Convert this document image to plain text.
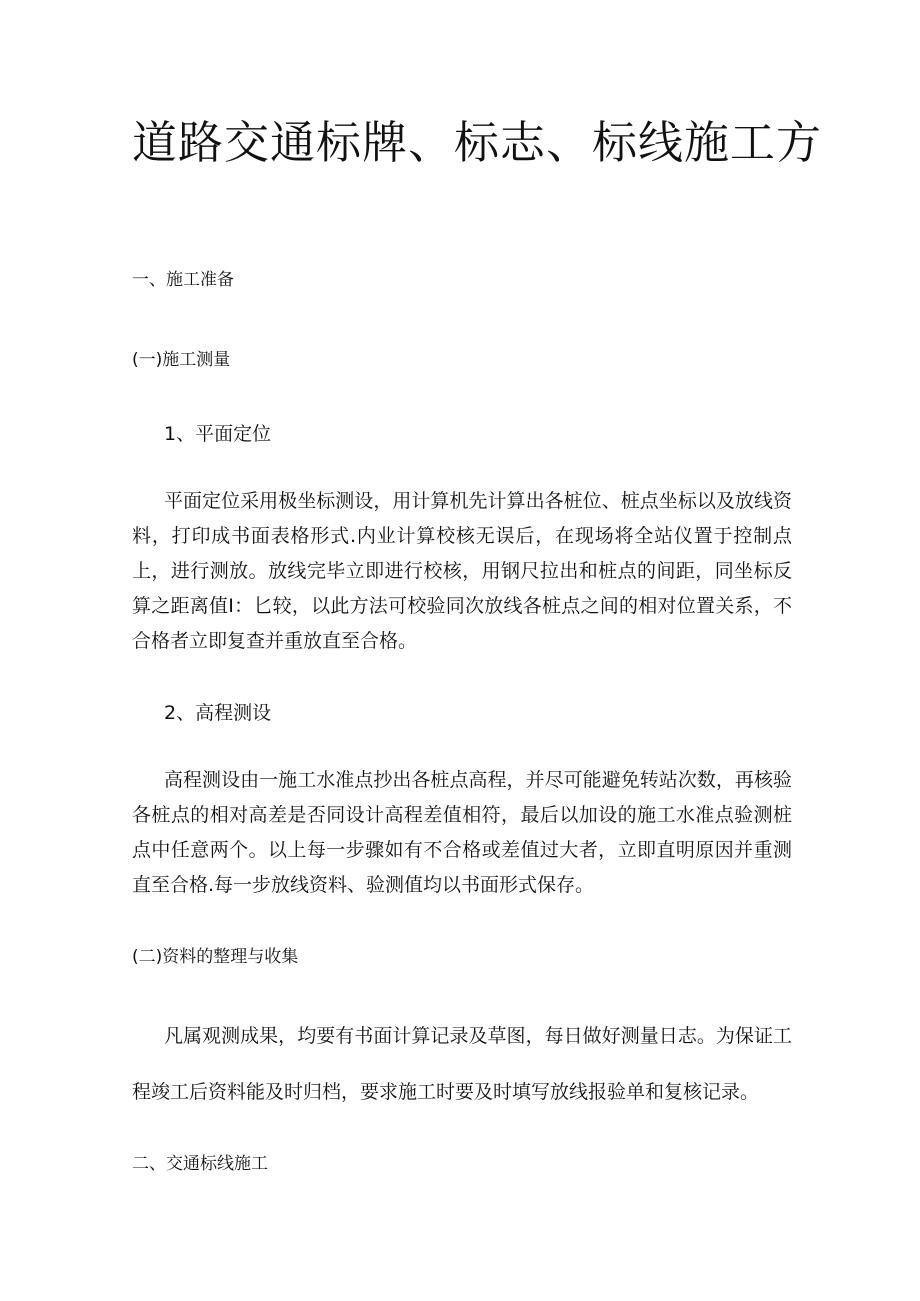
道路交通标牌、标志、标线施工方
一、施工准备
(一)施工测量
1、平面定位

平面定位采用极坐标测设，用计算机先计算出各桩位、桩点坐标以及放线资料，打印成书面表格形式.内业计算校核无误后，在现场将全站仪置于控制点上，进行测放。放线完毕立即进行校核，用钢尺拉出和桩点的间距，同坐标反算之距离值I：匕较，以此方法可校验同次放线各桩点之间的相对位置关系，不合格者立即复查并重放直至合格。

2、高程测设

高程测设由一施工水准点抄出各桩点高程，并尽可能避免转站次数，再核验各桩点的相对高差是否同设计高程差值相符，最后以加设的施工水准点验测桩点中任意两个。以上每一步骤如有不合格或差值过大者，立即直明原因并重测直至合格.每一步放线资料、验测值均以书面形式保存。

(二)资料的整理与收集

凡属观测成果，均要有书面计算记录及草图，每日做好测量日志。为保证工程竣工后资料能及时归档，要求施工时要及时填写放线报验单和复核记录。

二、交通标线施工
